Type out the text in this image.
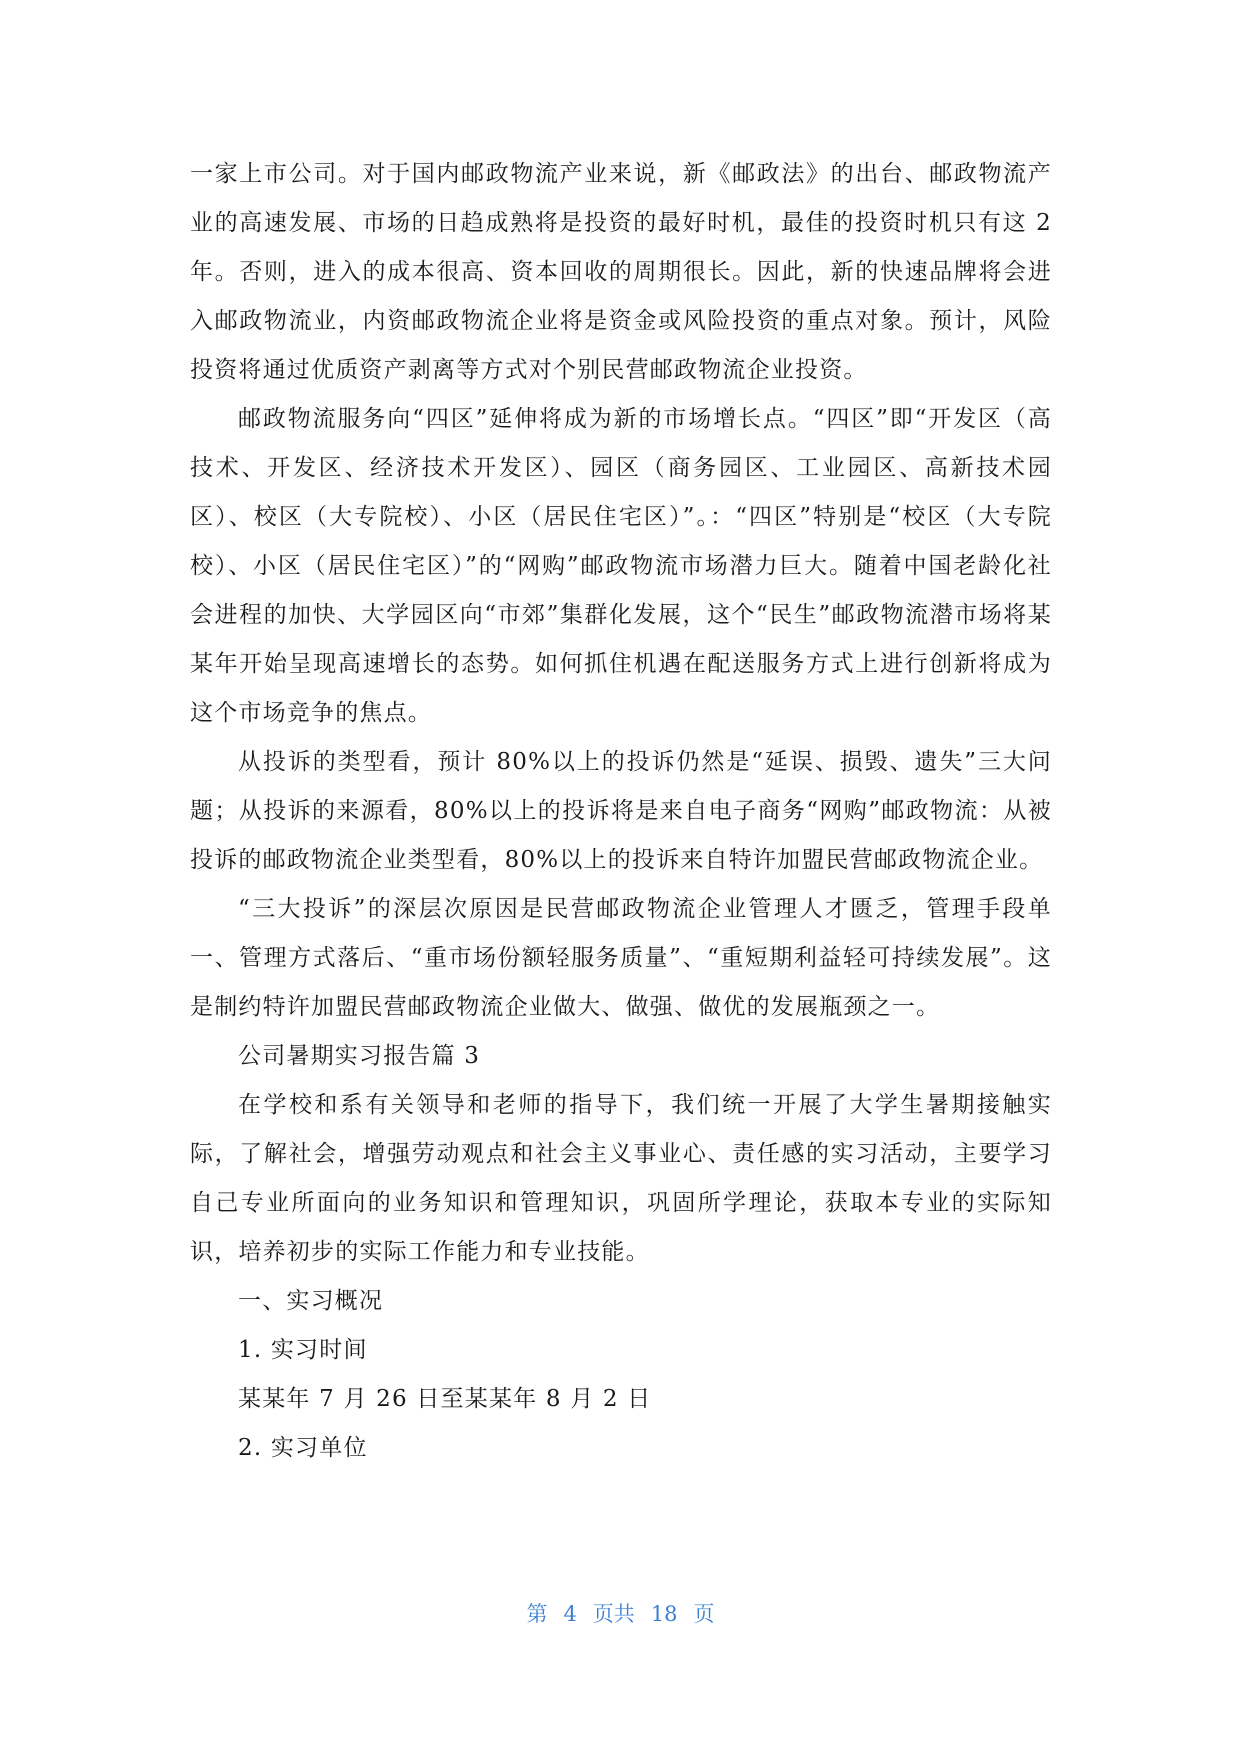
一家上市公司。对于国内邮政物流产业来说，新《邮政法》的出台、邮政物流产业的高速发展、市场的日趋成熟将是投资的最好时机，最佳的投资时机只有这 2 年。否则，进入的成本很高、资本回收的周期很长。因此，新的快速品牌将会进入邮政物流业，内资邮政物流企业将是资金或风险投资的重点对象。预计，风险投资将通过优质资产剥离等方式对个别民营邮政物流企业投资。

邮政物流服务向“四区”延伸将成为新的市场增长点。“四区”即“开发区（高技术、开发区、经济技术开发区）、园区（商务园区、工业园区、高新技术园区）、校区（大专院校）、小区（居民住宅区）”。：“四区”特别是“校区（大专院校）、小区（居民住宅区）”的“网购”邮政物流市场潜力巨大。随着中国老龄化社会进程的加快、大学园区向“市郊”集群化发展，这个“民生”邮政物流潜市场将某某年开始呈现高速增长的态势。如何抓住机遇在配送服务方式上进行创新将成为这个市场竞争的焦点。

从投诉的类型看，预计 80%以上的投诉仍然是“延误、损毁、遗失”三大问题；从投诉的来源看，80%以上的投诉将是来自电子商务“网购”邮政物流：从被投诉的邮政物流企业类型看，80%以上的投诉来自特许加盟民营邮政物流企业。

“三大投诉”的深层次原因是民营邮政物流企业管理人才匮乏，管理手段单一、管理方式落后、“重市场份额轻服务质量”、“重短期利益轻可持续发展”。这是制约特许加盟民营邮政物流企业做大、做强、做优的发展瓶颈之一。

公司暑期实习报告篇 3

在学校和系有关领导和老师的指导下，我们统一开展了大学生暑期接触实际，了解社会，增强劳动观点和社会主义事业心、责任感的实习活动，主要学习自己专业所面向的业务知识和管理知识，巩固所学理论，获取本专业的实际知识，培养初步的实际工作能力和专业技能。

一、实习概况

1. 实习时间

某某年 7 月 26 日至某某年 8 月 2 日

2. 实习单位

第 4 页共 18 页
